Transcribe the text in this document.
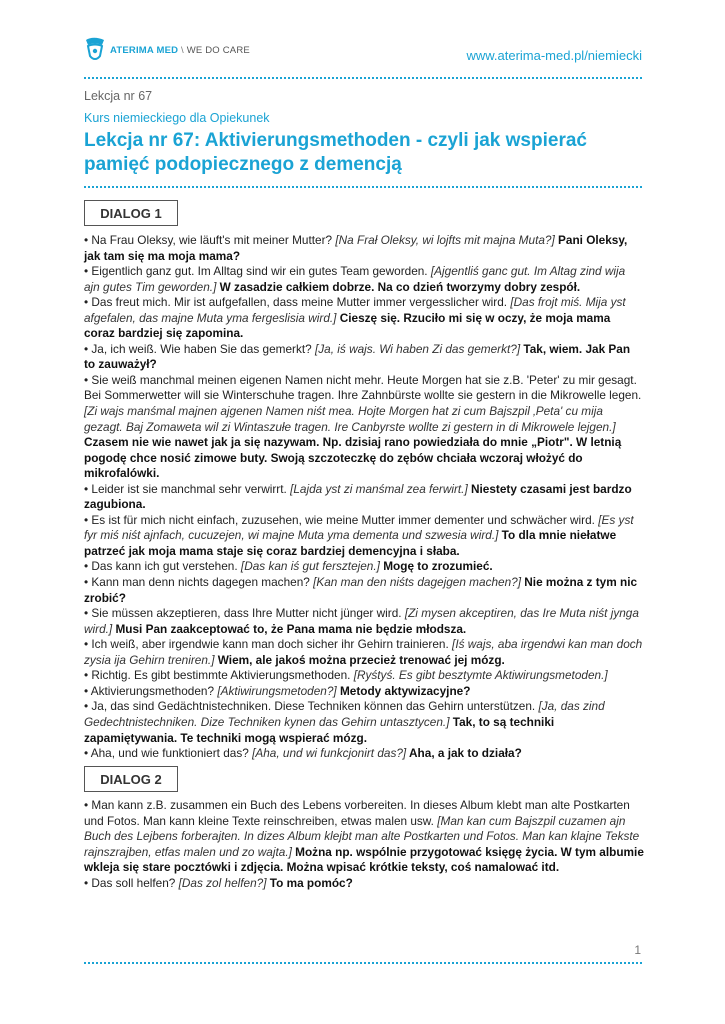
ATERIMA MED \ WE DO CARE	www.aterima-med.pl/niemiecki
Lekcja nr 67
Kurs niemieckiego dla Opiekunek
Lekcja nr 67: Aktivierungsmethoden - czyli jak wspierać pamięć podopiecznego z demencją
DIALOG 1

• Na Frau Oleksy, wie läuft's mit meiner Mutter? [Na Frał Oleksy, wi lojfts mit majna Muta?] Pani Oleksy, jak tam się ma moja mama?

• Eigentlich ganz gut. Im Alltag sind wir ein gutes Team geworden. [Ajgentliś ganc gut. Im Altag zind wija ajn gutes Tim geworden.] W zasadzie całkiem dobrze. Na co dzień tworzymy dobry zespół.

• Das freut mich. Mir ist aufgefallen, dass meine Mutter immer vergesslicher wird. [Das frojt miś. Mija yst afgefalen, das majne Muta yma fergeslisia wird.] Cieszę się. Rzuciło mi się w oczy, że moja mama coraz bardziej się zapomina.

• Ja, ich weiß. Wie haben Sie das gemerkt? [Ja, iś wajs. Wi haben Zi das gemerkt?] Tak, wiem. Jak Pan to zauważył?

• Sie weiß manchmal meinen eigenen Namen nicht mehr. Heute Morgen hat sie z.B. 'Peter' zu mir gesagt. Bei Sommerwetter will sie Winterschuhe tragen. Ihre Zahnbürste wollte sie gestern in die Mikrowelle legen. [Zi wajs manśmal majnen ajgenen Namen niśt mea. Hojte Morgen hat zi cum Bajszpil ‚Peta' cu mija gezagt. Baj Zomaweta wil zi Wintaszułe tragen. Ire Canbyrste wollte zi gestern in di Mikrowele lejgen.] Czasem nie wie nawet jak ja się nazywam. Np. dzisiaj rano powiedziała do mnie „Piotr". W letnią pogodę chce nosić zimowe buty. Swoją szczoteczkę do zębów chciała wczoraj włożyć do mikrofalówki.

• Leider ist sie manchmal sehr verwirrt. [Lajda yst zi manśmal zea ferwirt.] Niestety czasami jest bardzo zagubiona.

• Es ist für mich nicht einfach, zuzusehen, wie meine Mutter immer dementer und schwächer wird. [Es yst fyr miś niśt ajnfach, cucuzejen, wi majne Muta yma dementa und szwesia wird.] To dla mnie niełatwe patrzeć jak moja mama staje się coraz bardziej demencyjna i słaba.

• Das kann ich gut verstehen. [Das kan iś gut fersztejen.] Mogę to zrozumieć.

• Kann man denn nichts dagegen machen? [Kan man den niśts dagejgen machen?] Nie można z tym nic zrobić?

• Sie müssen akzeptieren, dass Ihre Mutter nicht jünger wird. [Zi mysen akceptiren, das Ire Muta niśt jynga wird.] Musi Pan zaakceptować to, że Pana mama nie będzie młodsza.

• Ich weiß, aber irgendwie kann man doch sicher ihr Gehirn trainieren. [Iś wajs, aba irgendwi kan man doch zysia ija Gehirn treniren.] Wiem, ale jakoś można przecież trenować jej mózg.

• Richtig. Es gibt bestimmte Aktivierungsmethoden. [Ryśtyś. Es gibt besztymte Aktiwirungsmetoden.]

• Aktivierungsmethoden? [Aktiwirungsmetoden?] Metody aktywizacyjne?

• Ja, das sind Gedächtnistechniken. Diese Techniken können das Gehirn unterstützen. [Ja, das zind Gedechtnistechniken. Dize Techniken kynen das Gehirn untasztycen.] Tak, to są techniki zapamiętywania. Te techniki mogą wspierać mózg.

• Aha, und wie funktioniert das? [Aha, und wi funkcjonirt das?] Aha, a jak to działa?

DIALOG 2

• Man kann z.B. zusammen ein Buch des Lebens vorbereiten. In dieses Album klebt man alte Postkarten und Fotos. Man kann kleine Texte reinschreiben, etwas malen usw. [Man kan cum Bajszpil cuzamen ajn Buch des Lejbens forberajten. In dizes Album klejbt man alte Postkarten und Fotos. Man kan klajne Tekste rajnszrajben, etfas malen und zo wajta.] Można np. wspólnie przygotować księgę życia. W tym albumie wkleja się stare pocztówki i zdjęcia. Można wpisać krótkie teksty, coś namalować itd.

• Das soll helfen? [Das zol helfen?] To ma pomóc?

1
